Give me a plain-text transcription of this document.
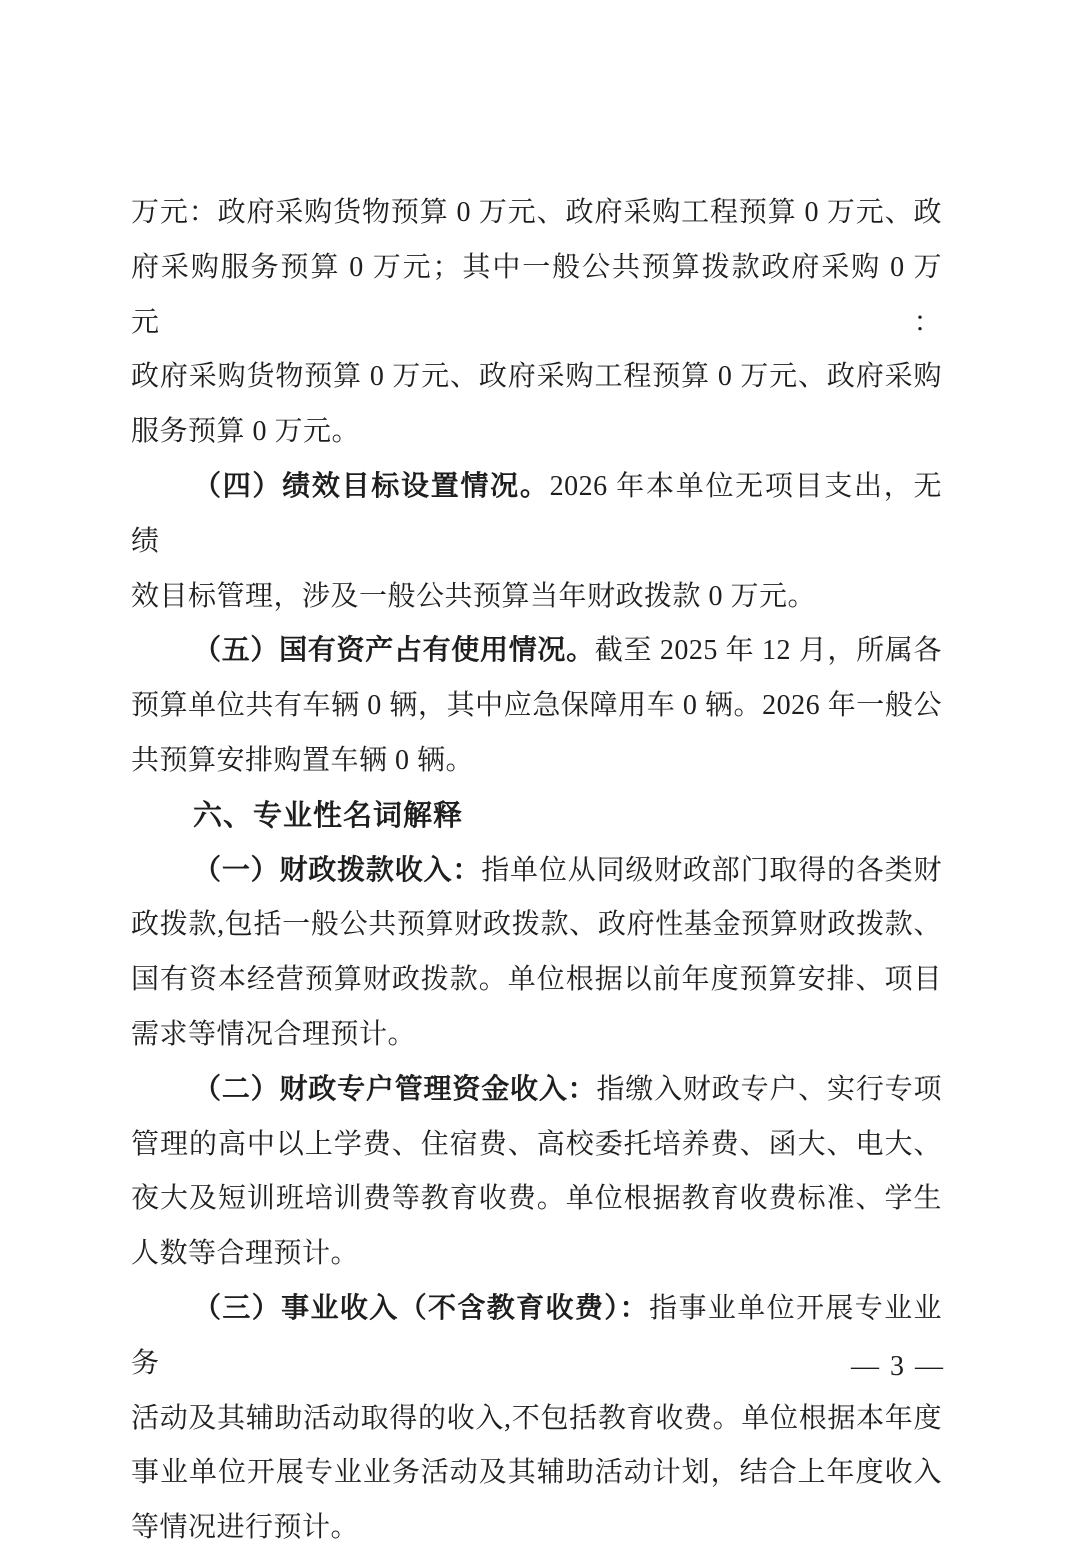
万元：政府采购货物预算 0 万元、政府采购工程预算 0 万元、政

府采购服务预算 0 万元；其中一般公共预算拨款政府采购 0 万元：

政府采购货物预算 0 万元、政府采购工程预算 0 万元、政府采购

服务预算 0 万元。

（四）绩效目标设置情况。2026 年本单位无项目支出，无绩

效目标管理，涉及一般公共预算当年财政拨款 0 万元。

（五）国有资产占有使用情况。截至 2025 年 12 月，所属各

预算单位共有车辆 0 辆，其中应急保障用车 0 辆。2026 年一般公

共预算安排购置车辆 0 辆。

六、专业性名词解释

（一）财政拨款收入：指单位从同级财政部门取得的各类财

政拨款,包括一般公共预算财政拨款、政府性基金预算财政拨款、

国有资本经营预算财政拨款。单位根据以前年度预算安排、项目

需求等情况合理预计。

（二）财政专户管理资金收入：指缴入财政专户、实行专项

管理的高中以上学费、住宿费、高校委托培养费、函大、电大、

夜大及短训班培训费等教育收费。单位根据教育收费标准、学生

人数等合理预计。

（三）事业收入（不含教育收费）：指事业单位开展专业业务

活动及其辅助活动取得的收入,不包括教育收费。单位根据本年度

事业单位开展专业业务活动及其辅助活动计划，结合上年度收入

等情况进行预计。

— 3 —
